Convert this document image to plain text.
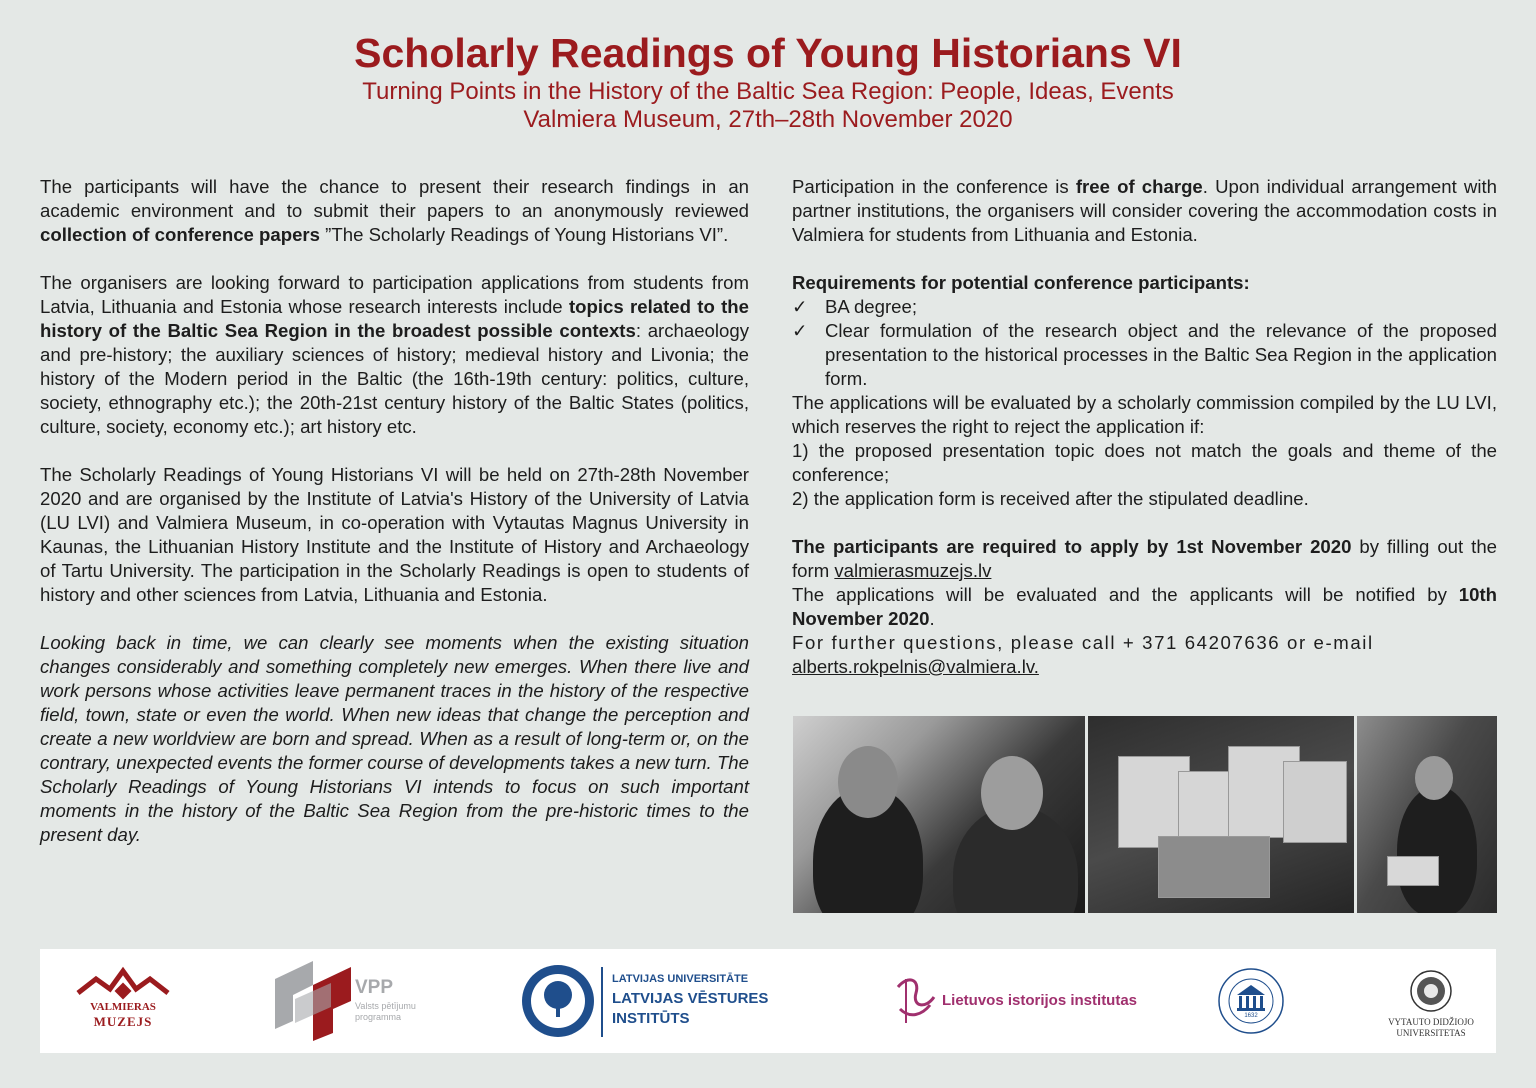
Scholarly Readings of Young Historians VI
Turning Points in the History of the Baltic Sea Region: People, Ideas, Events
Valmiera Museum, 27th–28th November 2020

The participants will have the chance to present their research findings in an academic environment and to submit their papers to an anonymously reviewed collection of conference papers ”The Scholarly Readings of Young Historians VI”.

The organisers are looking forward to participation applications from students from Latvia, Lithuania and Estonia whose research interests include topics related to the history of the Baltic Sea Region in the broadest possible contexts: archaeology and pre-history; the auxiliary sciences of history; medieval history and Livonia; the history of the Modern period in the Baltic (the 16th-19th century: politics, culture, society, ethnography etc.); the 20th-21st century history of the Baltic States (politics, culture, society, economy etc.); art history etc.

The Scholarly Readings of Young Historians VI will be held on 27th-28th November 2020 and are organised by the Institute of Latvia's History of the University of Latvia (LU LVI) and Valmiera Museum, in co-operation with Vytautas Magnus University in Kaunas, the Lithuanian History Institute and the Institute of History and Archaeology of Tartu University. The participation in the Scholarly Readings is open to students of history and other sciences from Latvia, Lithuania and Estonia.

Looking back in time, we can clearly see moments when the existing situation changes considerably and something completely new emerges. When there live and work persons whose activities leave permanent traces in the history of the respective field, town, state or even the world. When new ideas that change the perception and create a new worldview are born and spread. When as a result of long-term or, on the contrary, unexpected events the former course of developments takes a new turn. The Scholarly Readings of Young Historians VI intends to focus on such important moments in the history of the Baltic Sea Region from the pre-historic times to the present day.

Participation in the conference is free of charge. Upon individual arrangement with partner institutions, the organisers will consider covering the accommodation costs in Valmiera for students from Lithuania and Estonia.

Requirements for potential conference participants:

✓ BA degree;
✓ Clear formulation of the research object and the relevance of the proposed presentation to the historical processes in the Baltic Sea Region in the application form.

The applications will be evaluated by a scholarly commission compiled by the LU LVI, which reserves the right to reject the application if:

1) the proposed presentation topic does not match the goals and theme of the conference;

2) the application form is received after the stipulated deadline.

The participants are required to apply by 1st November 2020 by filling out the form valmierasmuzejs.lv

The applications will be evaluated and the applicants will be notified by 10th November 2020.

For further questions, please call + 371 64207636 or e-mail
alberts.rokpelnis@valmiera.lv.

VALMIERAS
MUZEJS
VPP
Valsts pētījumu
programma
LATVIJAS UNIVERSITĀTE
LATVIJAS VĒSTURES
INSTITŪTS
Lietuvos istorijos institutas
1632
VYTAUTO DIDŽIOJO
UNIVERSITETAS
